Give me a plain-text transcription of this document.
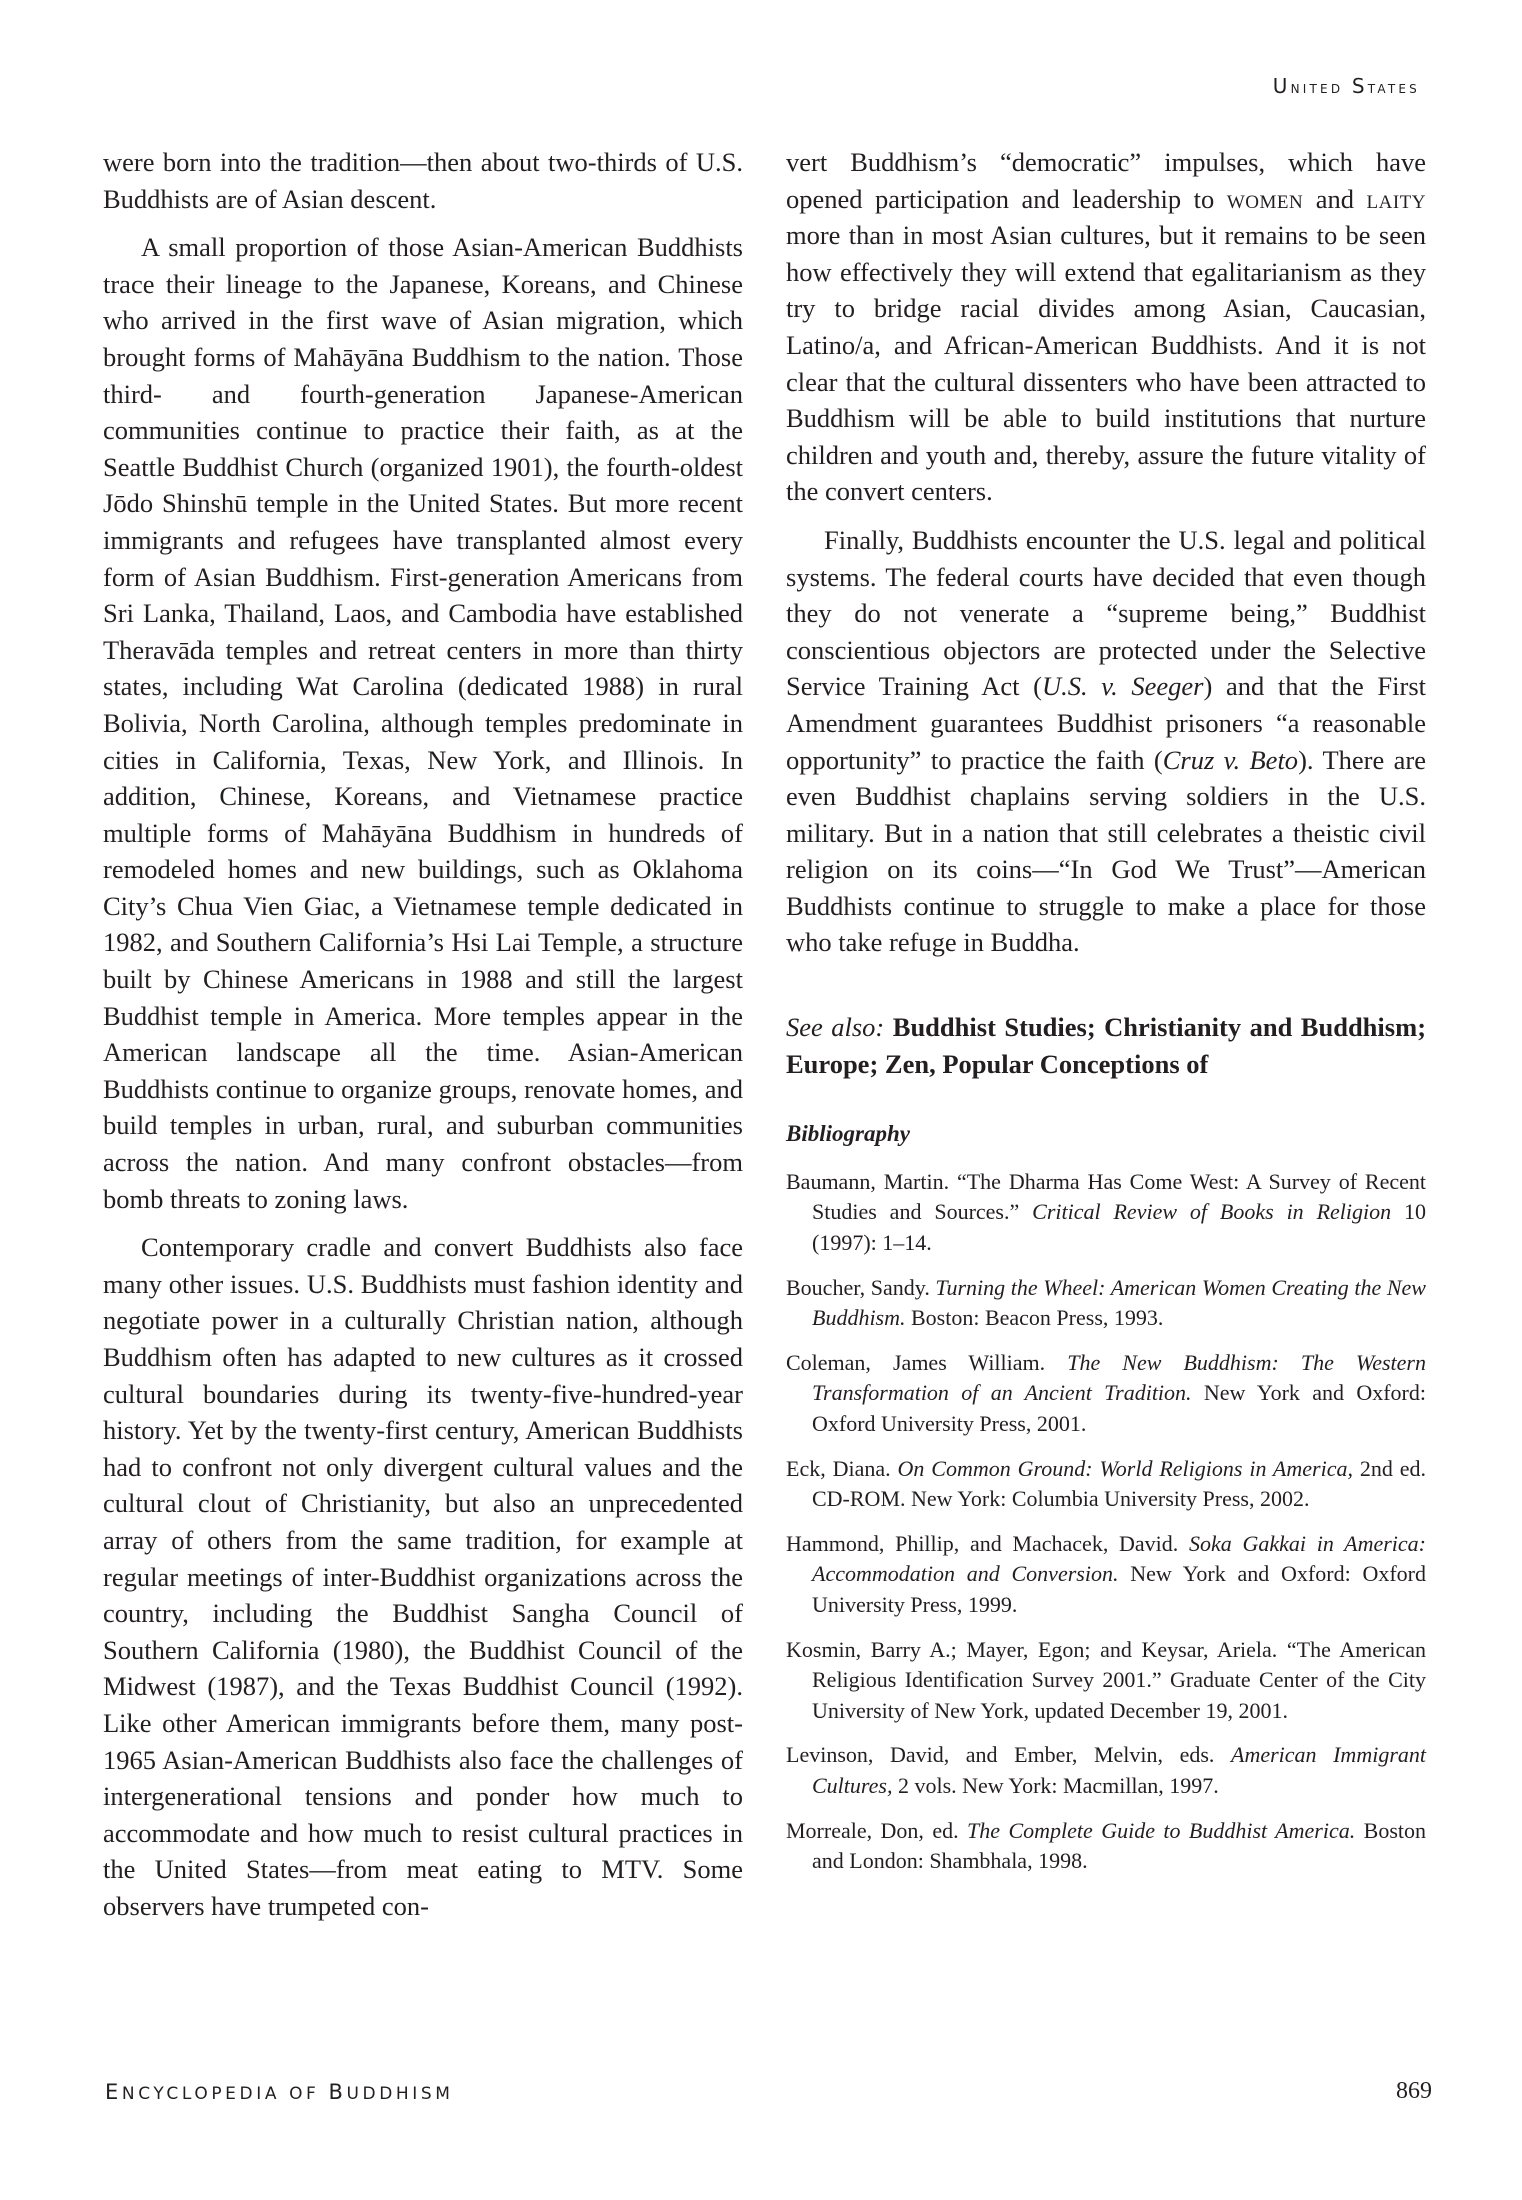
United States

were born into the tradition—then about two-thirds of U.S. Buddhists are of Asian descent.

A small proportion of those Asian-American Buddhists trace their lineage to the Japanese, Koreans, and Chinese who arrived in the first wave of Asian migration, which brought forms of Mahāyāna Buddhism to the nation. Those third- and fourth-generation Japanese-American communities continue to practice their faith, as at the Seattle Buddhist Church (organized 1901), the fourth-oldest Jōdo Shinshū temple in the United States. But more recent immigrants and refugees have transplanted almost every form of Asian Buddhism. First-generation Americans from Sri Lanka, Thailand, Laos, and Cambodia have established Theravāda temples and retreat centers in more than thirty states, including Wat Carolina (dedicated 1988) in rural Bolivia, North Carolina, although temples predominate in cities in California, Texas, New York, and Illinois. In addition, Chinese, Koreans, and Vietnamese practice multiple forms of Mahāyāna Buddhism in hundreds of remodeled homes and new buildings, such as Oklahoma City’s Chua Vien Giac, a Vietnamese temple dedicated in 1982, and Southern California’s Hsi Lai Temple, a structure built by Chinese Americans in 1988 and still the largest Buddhist temple in America. More temples appear in the American landscape all the time. Asian-American Buddhists continue to organize groups, renovate homes, and build temples in urban, rural, and suburban communities across the nation. And many confront obstacles—from bomb threats to zoning laws.

Contemporary cradle and convert Buddhists also face many other issues. U.S. Buddhists must fashion identity and negotiate power in a culturally Christian nation, although Buddhism often has adapted to new cultures as it crossed cultural boundaries during its twenty-five-hundred-year history. Yet by the twenty-first century, American Buddhists had to confront not only divergent cultural values and the cultural clout of Christianity, but also an unprecedented array of others from the same tradition, for example at regular meetings of inter-Buddhist organizations across the country, including the Buddhist Sangha Council of Southern California (1980), the Buddhist Council of the Midwest (1987), and the Texas Buddhist Council (1992). Like other American immigrants before them, many post-1965 Asian-American Buddhists also face the challenges of intergenerational tensions and ponder how much to accommodate and how much to resist cultural practices in the United States—from meat eating to MTV. Some observers have trumpeted con-

vert Buddhism’s “democratic” impulses, which have opened participation and leadership to women and laity more than in most Asian cultures, but it remains to be seen how effectively they will extend that egalitarianism as they try to bridge racial divides among Asian, Caucasian, Latino/a, and African-American Buddhists. And it is not clear that the cultural dissenters who have been attracted to Buddhism will be able to build institutions that nurture children and youth and, thereby, assure the future vitality of the convert centers.

Finally, Buddhists encounter the U.S. legal and political systems. The federal courts have decided that even though they do not venerate a “supreme being,” Buddhist conscientious objectors are protected under the Selective Service Training Act (U.S. v. Seeger) and that the First Amendment guarantees Buddhist prisoners “a reasonable opportunity” to practice the faith (Cruz v. Beto). There are even Buddhist chaplains serving soldiers in the U.S. military. But in a nation that still celebrates a theistic civil religion on its coins—“In God We Trust”—American Buddhists continue to struggle to make a place for those who take refuge in Buddha.

See also: Buddhist Studies; Christianity and Buddhism; Europe; Zen, Popular Conceptions of

Bibliography

Baumann, Martin. “The Dharma Has Come West: A Survey of Recent Studies and Sources.” Critical Review of Books in Religion 10 (1997): 1–14.

Boucher, Sandy. Turning the Wheel: American Women Creating the New Buddhism. Boston: Beacon Press, 1993.

Coleman, James William. The New Buddhism: The Western Transformation of an Ancient Tradition. New York and Oxford: Oxford University Press, 2001.

Eck, Diana. On Common Ground: World Religions in America, 2nd ed. CD-ROM. New York: Columbia University Press, 2002.

Hammond, Phillip, and Machacek, David. Soka Gakkai in America: Accommodation and Conversion. New York and Oxford: Oxford University Press, 1999.

Kosmin, Barry A.; Mayer, Egon; and Keysar, Ariela. “The American Religious Identification Survey 2001.” Graduate Center of the City University of New York, updated December 19, 2001.

Levinson, David, and Ember, Melvin, eds. American Immigrant Cultures, 2 vols. New York: Macmillan, 1997.

Morreale, Don, ed. The Complete Guide to Buddhist America. Boston and London: Shambhala, 1998.

ENCYCLOPEDIA OF BUDDHISM	869
